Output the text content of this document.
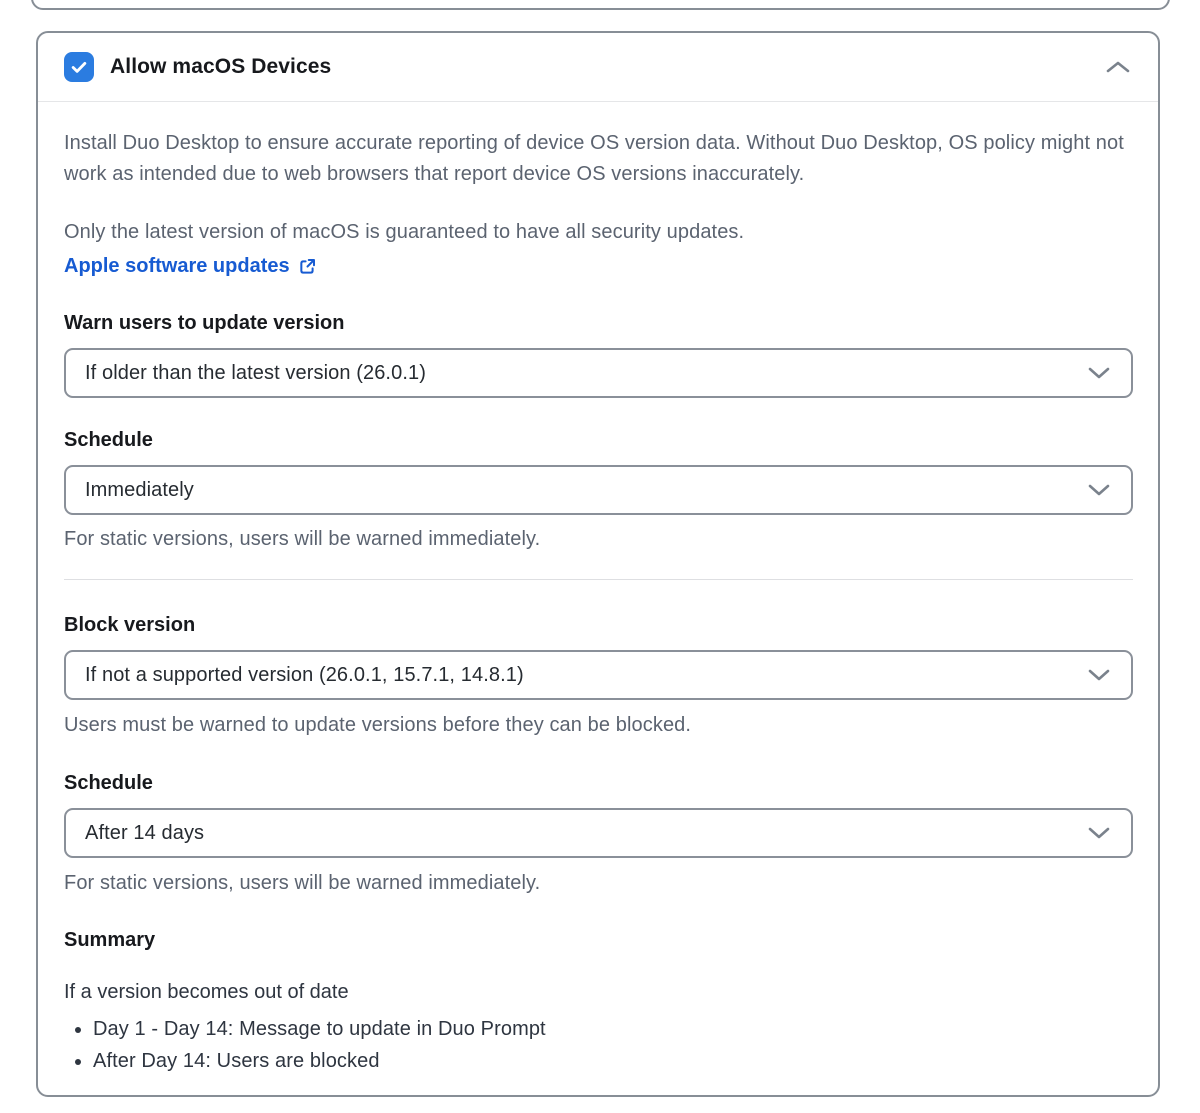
Allow macOS Devices

Install Duo Desktop to ensure accurate reporting of device OS version data. Without Duo Desktop, OS policy might not work as intended due to web browsers that report device OS versions inaccurately.

Only the latest version of macOS is guaranteed to have all security updates.

Apple software updates
Warn users to update version
If older than the latest version (26.0.1)
Schedule
Immediately

For static versions, users will be warned immediately.

Block version
If not a supported version (26.0.1, 15.7.1, 14.8.1)

Users must be warned to update versions before they can be blocked.

Schedule
After 14 days

For static versions, users will be warned immediately.

Summary

If a version becomes out of date

• Day 1 - Day 14: Message to update in Duo Prompt
• After Day 14: Users are blocked
